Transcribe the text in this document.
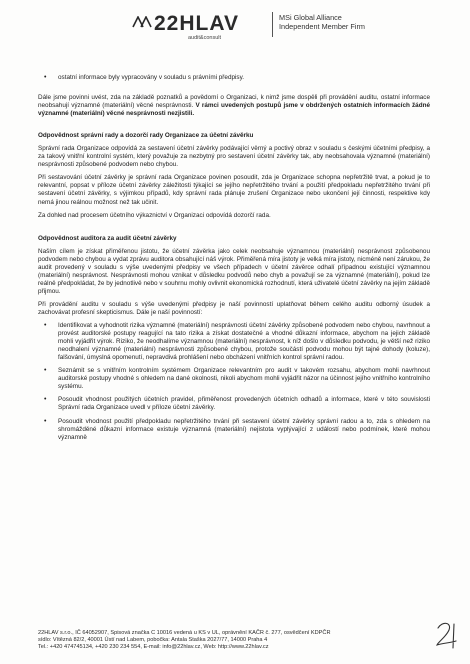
22HLAV
audit&consult
MSi Global Alliance
Independent Member Firm
•	ostatní informace byly vypracovány v souladu s právními předpisy.

Dále jsme povinni uvést, zda na základě poznatků a povědomí o Organizaci, k nimž jsme dospěli při provádění auditu, ostatní informace neobsahují významné (materiální) věcné nesprávnosti. V rámci uvedených postupů jsme v obdržených ostatních informacích žádné významné (materiální) věcné nesprávnosti nezjistili.

Odpovědnost správní rady a dozorčí rady Organizace za účetní závěrku

Správní rada Organizace odpovídá za sestavení účetní závěrky podávající věrný a poctivý obraz v souladu s českými účetními předpisy, a za takový vnitřní kontrolní systém, který považuje za nezbytný pro sestavení účetní závěrky tak, aby neobsahovala významné (materiální) nesprávnosti způsobené podvodem nebo chybou.

Při sestavování účetní závěrky je správní rada Organizace povinen posoudit, zda je Organizace schopna nepřetržitě trvat, a pokud je to relevantní, popsat v příloze účetní závěrky záležitosti týkající se jejího nepřetržitého trvání a použití předpokladu nepřetržitého trvání při sestavení účetní závěrky, s výjimkou případů, kdy správní rada plánuje zrušení Organizace nebo ukončení její činnosti, respektive kdy nemá jinou reálnou možnost než tak učinit.

Za dohled nad procesem účetního výkaznictví v Organizaci odpovídá dozorčí rada.

Odpovědnost auditora za audit účetní závěrky

Naším cílem je získat přiměřenou jistotu, že účetní závěrka jako celek neobsahuje významnou (materiální) nesprávnost způsobenou podvodem nebo chybou a vydat zprávu auditora obsahující náš výrok. Přiměřená míra jistoty je velká míra jistoty, nicméně není zárukou, že audit provedený v souladu s výše uvedenými předpisy ve všech případech v účetní závěrce odhalí případnou existující významnou (materiální) nesprávnost. Nesprávnosti mohou vznikat v důsledku podvodů nebo chyb a považují se za významné (materiální), pokud lze reálně předpokládat, že by jednotlivě nebo v souhrnu mohly ovlivnit ekonomická rozhodnutí, která uživatelé účetní závěrky na jejím základě přijmou.

Při provádění auditu v souladu s výše uvedenými předpisy je naší povinností uplatňovat během celého auditu odborný úsudek a zachovávat profesní skepticismus. Dále je naší povinností:

•	Identifikovat a vyhodnotit rizika významné (materiální) nesprávnosti účetní závěrky způsobené podvodem nebo chybou, navrhnout a provést auditorské postupy reagující na tato rizika a získat dostatečné a vhodné důkazní informace, abychom na jejich základě mohli vyjádřit výrok. Riziko, že neodhalíme významnou (materiální) nesprávnost, k níž došlo v důsledku podvodu, je větší než riziko neodhalení významné (materiální) nesprávnosti způsobené chybou, protože součástí podvodu mohou být tajné dohody (koluze), falšování, úmyslná opomenutí, nepravdivá prohlášení nebo obcházení vnitřních kontrol správní radou.
•	Seznámit se s vnitřním kontrolním systémem Organizace relevantním pro audit v takovém rozsahu, abychom mohli navrhnout auditorské postupy vhodné s ohledem na dané okolnosti, nikoli abychom mohli vyjádřit názor na účinnost jejího vnitřního kontrolního systému.
•	Posoudit vhodnost použitých účetních pravidel, přiměřenost provedených účetních odhadů a informace, které v této souvislosti Správní rada Organizace uvedl v příloze účetní závěrky.
•	Posoudit vhodnost použití předpokladu nepřetržitého trvání při sestavení účetní závěrky správní radou a to, zda s ohledem na shromážděné důkazní informace existuje významná (materiální) nejistota vyplývající z událostí nebo podmínek, které mohou významně
22HLAV s.r.o., IČ 64052907, Spisová značka C 10016 vedená u KS v UL, oprávnění KAČR č. 277, osvědčení KDPČR
sídlo: Vítězná 82/2, 40001 Ústí nad Labem, pobočka: Antala Staška 2027/77, 14000 Praha 4
Tel.: +420 474745134, +420 230 234 554, E-mail: info@22hlav.cz, Web: http://www.22hlav.cz
